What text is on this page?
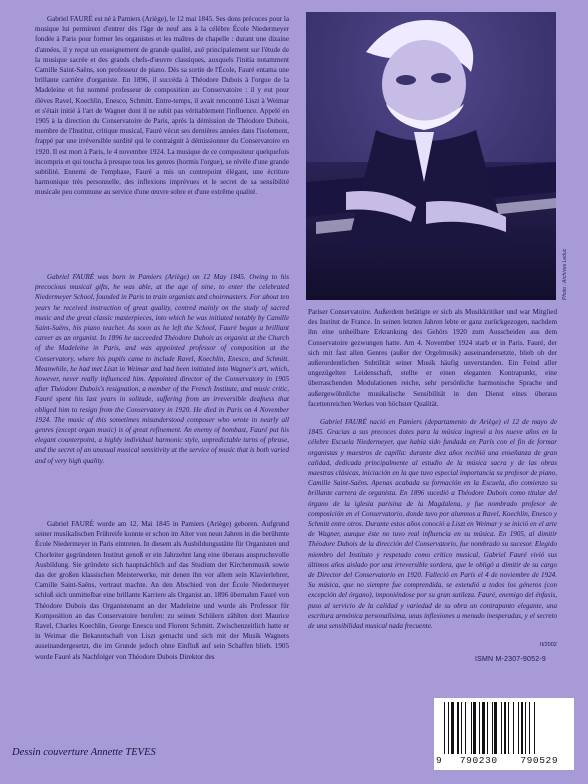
Gabriel FAURÉ est né à Pamiers (Ariège), le 12 mai 1845. Ses dons précoces pour la musique lui permirent d'entrer dès l'âge de neuf ans à la célèbre École Niedermeyer fondée à Paris pour former les organistes et les maîtres de chapelle : durant une dizaine d'années, il y reçut un enseignement de grande qualité, axé principalement sur l'étude de la musique sacrée et des grands chefs-d'œuvre classiques, auxquels l'initia notamment Camille Saint-Saëns, son professeur de piano. Dès sa sortie de l'École, Fauré entama une brillante carrière d'organiste. En 1896, il succéda à Théodore Dubois à l'orgue de la Madeleine et fut nommé professeur de composition au Conservatoire : il y eut pour élèves Ravel, Koechlin, Enesco, Schmitt. Entre-temps, il avait rencontré Liszt à Weimar et s'était initié à l'art de Wagner dont il ne subit pas véritablement l'influence. Appelé en 1905 à la direction du Conservatoire de Paris, après la démission de Théodore Dubois, membre de l'Institut, critique musical, Fauré vécut ses dernières années dans l'isolement, frappé par une irréversible surdité qui le contraignit à démissionner du Conservatoire en 1920. Il est mort à Paris, le 4 novembre 1924. La musique de ce compositeur quelquefois incompris et qui toucha à presque tous les genres (hormis l'orgue), se révèle d'une grande subtilité. Ennemi de l'emphase, Fauré a mis un contrepoint élégant, une écriture harmonique très personnelle, des inflexions imprévues et le secret de sa sensibilité musicale peu commune au service d'une œuvre sobre et d'une extrême qualité.

Gabriel FAURÉ was born in Pamiers (Ariège) on 12 May 1845. Owing to his precocious musical gifts, he was able, at the age of nine, to enter the celebrated Niedermeyer School, founded in Paris to train organists and choirmasters. For about ten years he received instruction of great quality, centred mainly on the study of sacred music and the great classic masterpieces, into which he was initiated notably by Camille Saint-Saëns, his piano teacher. As soon as he left the School, Fauré began a brilliant career as an organist. In 1896 he succeeded Théodore Dubois as organist at the Church of the Madeleine in Paris, and was appointed professor of composition at the Conservatory, where his pupils came to include Ravel, Koechlin, Enesco, and Schmitt. Meanwhile, he had met Liszt in Weimar and had been initiated into Wagner's art, which, however, never really influenced him. Appointed director of the Conservatory in 1905 after Théodore Dubois's resignation, a member of the French Institute, and music critic, Fauré spent his last years in solitude, suffering from an irreversible deafness that obliged him to resign from the Conservatory in 1920. He died in Paris on 4 November 1924. The music of this sometimes misunderstood composer who wrote in nearly all genres (except organ music) is of great refinement. An enemy of bombast, Fauré put his elegant counterpoint, a highly individual harmonic style, unpredictable turns of phrase, and the secret of an unusual musical sensitivity at the service of music that is both varied and of very high quality.

Gabriel FAURÉ wurde am 12. Mai 1845 in Pamiers (Ariège) geboren. Aufgrund seiner musikalischen Frühreife konnte er schon im Alter von neun Jahren in die berühmte École Niedermeyer in Paris eintreten. In diesem als Ausbildungsstätte für Organisten und Chorleiter gegründeten Institut genoß er ein Jahrzehnt lang eine überaus anspruchsvolle Ausbildung. Sie gründete sich hauptsächlich auf das Studium der Kirchenmusik sowie das der großen klassischen Meisterwerke, mit denen ihn vor allem sein Klavierlehrer, Camille Saint-Saëns, vertraut machte. An den Abschied von der École Niedermeyer schloß sich unmittelbar eine brillante Karriere als Organist an. 1896 übernahm Fauré von Théodore Dubois das Organistenamt an der Madeleine und wurde als Professor für Komposition an das Conservatoire berufen: zu seinen Schülern zählten dort Maurice Ravel, Charles Koechlin, George Enescu und Florent Schmitt. Zwischenzeitlich hatte er in Weimar die Bekanntschaft von Liszt gemacht und sich mit der Musik Wagners auseinandergesetzt, die im Grunde jedoch ohne Einfluß auf sein Schaffen blieb. 1905 wurde Fauré als Nachfolger von Théodore Dubois Direktor des

Photo : Archives Leduc

Pariser Conservatoire. Außerdem betätigte er sich als Musikkritiker und war Mitglied des Institut de France. In seinen letzten Jahren lebte er ganz zurückgezogen, nachdem ihn eine unheilbare Erkrankung des Gehörs 1920 zum Ausscheiden aus dem Conservatoire gezwungen hatte. Am 4. November 1924 starb er in Paris. Fauré, der sich mit fast allen Genres (außer der Orgelmusik) auseinandersetzte, blieb ob der außerordentlichen Subtilität seiner Musik häufig unverstanden. Ein Feind aller ungezügelten Leidenschaft, stellte er einen eleganten Kontrapunkt, eine überraschenden Modulationen reiche, sehr persönliche harmonische Sprache und außergewöhnliche musikalische Sensibilität in den Dienst eines überaus facettenreichen Werkes von höchster Qualität.

Gabriel FAURÉ nació en Pamiers (departamento de Ariège) el 12 de mayo de 1845. Gracias a sus precoces dotes para la música ingresó a los nueve años en la célebre Escuela Niedermeyer, que había sido fundada en París con el fin de formar organistas y maestros de capilla: durante diez años recibió una enseñanza de gran calidad, dedicada principalmente al estudio de la música sacra y de las obras maestras clásicas, iniciación en la que tuvo especial importancia su profesor de piano, Camille Saint-Saëns. Apenas acabada su formación en la Escuela, dio comienzo su brillante carrera de organista. En 1896 sucedió a Théodore Dubois como titular del órgano de la iglesia parisina de la Magdalena, y fue nombrado profesor de composición en el Conservatorio, donde tuvo por alumnos a Ravel, Koechlin, Enesco y Schmitt entre otros. Durante estos años conoció a Liszt en Weimar y se inició en el arte de Wagner, aunque éste no tuvo real influencia en su música. En 1905, al dimitir Théodore Dubois de la dirección del Conservatorio, fue nombrado su sucesor. Elegido miembro del Instituto y respetado como crítico musical, Gabriel Fauré vivió sus últimos años aislado por una irreversible sordera, que le obligó a dimitir de su cargo de Director del Conservatorio en 1920. Falleció en París el 4 de noviembre de 1924. Su música, que no siempre fue comprendida, se extendió a todos los géneros (con excepción del órgano), imponiéndose por su gran sutileza. Fauré, enemigo del énfasis, puso al servicio de la calidad y variedad de su obra un contrapunto elegante, una escritura armónica personalísima, unas inflexiones a menudo inesperadas, y el secreto de una sensibilidad musical nada frecuente.

II/2002
ISMN M-2307-9052-9
9 790230 790529
Dessin couverture Annette TEVES
